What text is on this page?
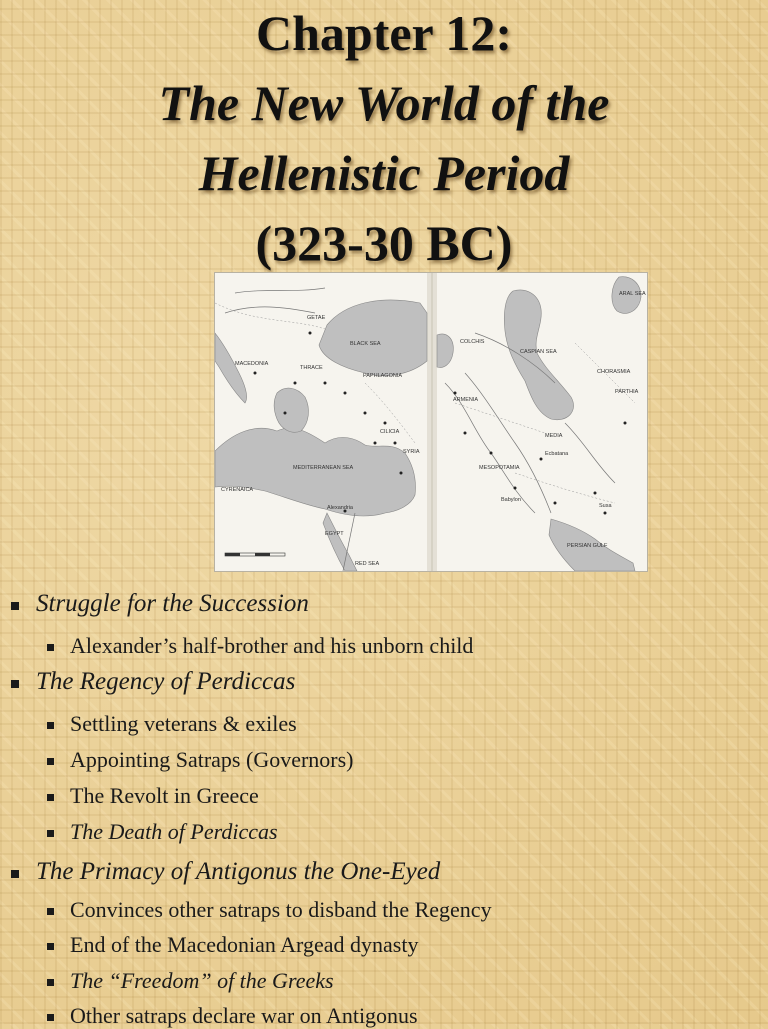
Chapter 12:
The New World of the
Hellenistic Period
(323-30 BC)
BLACK SEA
MEDITERRANEAN SEA
CASPIAN SEA
ARAL SEA
PERSIAN GULF
RED SEA
GETAE
THRACE
MACEDONIA
PAPHLAGONIA
CILICIA
SYRIA
CYRENAICA
EGYPT
COLCHIS
ARMENIA
MESOPOTAMIA
MEDIA
PARTHIA
CHORASMIA
Babylon
Susa
Ecbatana
Alexandria
Struggle for the Succession
Alexander’s half-brother and his unborn child
The Regency of Perdiccas
Settling veterans & exiles
Appointing Satraps (Governors)
The Revolt in Greece
The Death of Perdiccas
The Primacy of Antigonus the One-Eyed
Convinces other satraps to disband the Regency
End of the Macedonian Argead dynasty
The “Freedom” of the Greeks
Other satraps declare war on Antigonus
